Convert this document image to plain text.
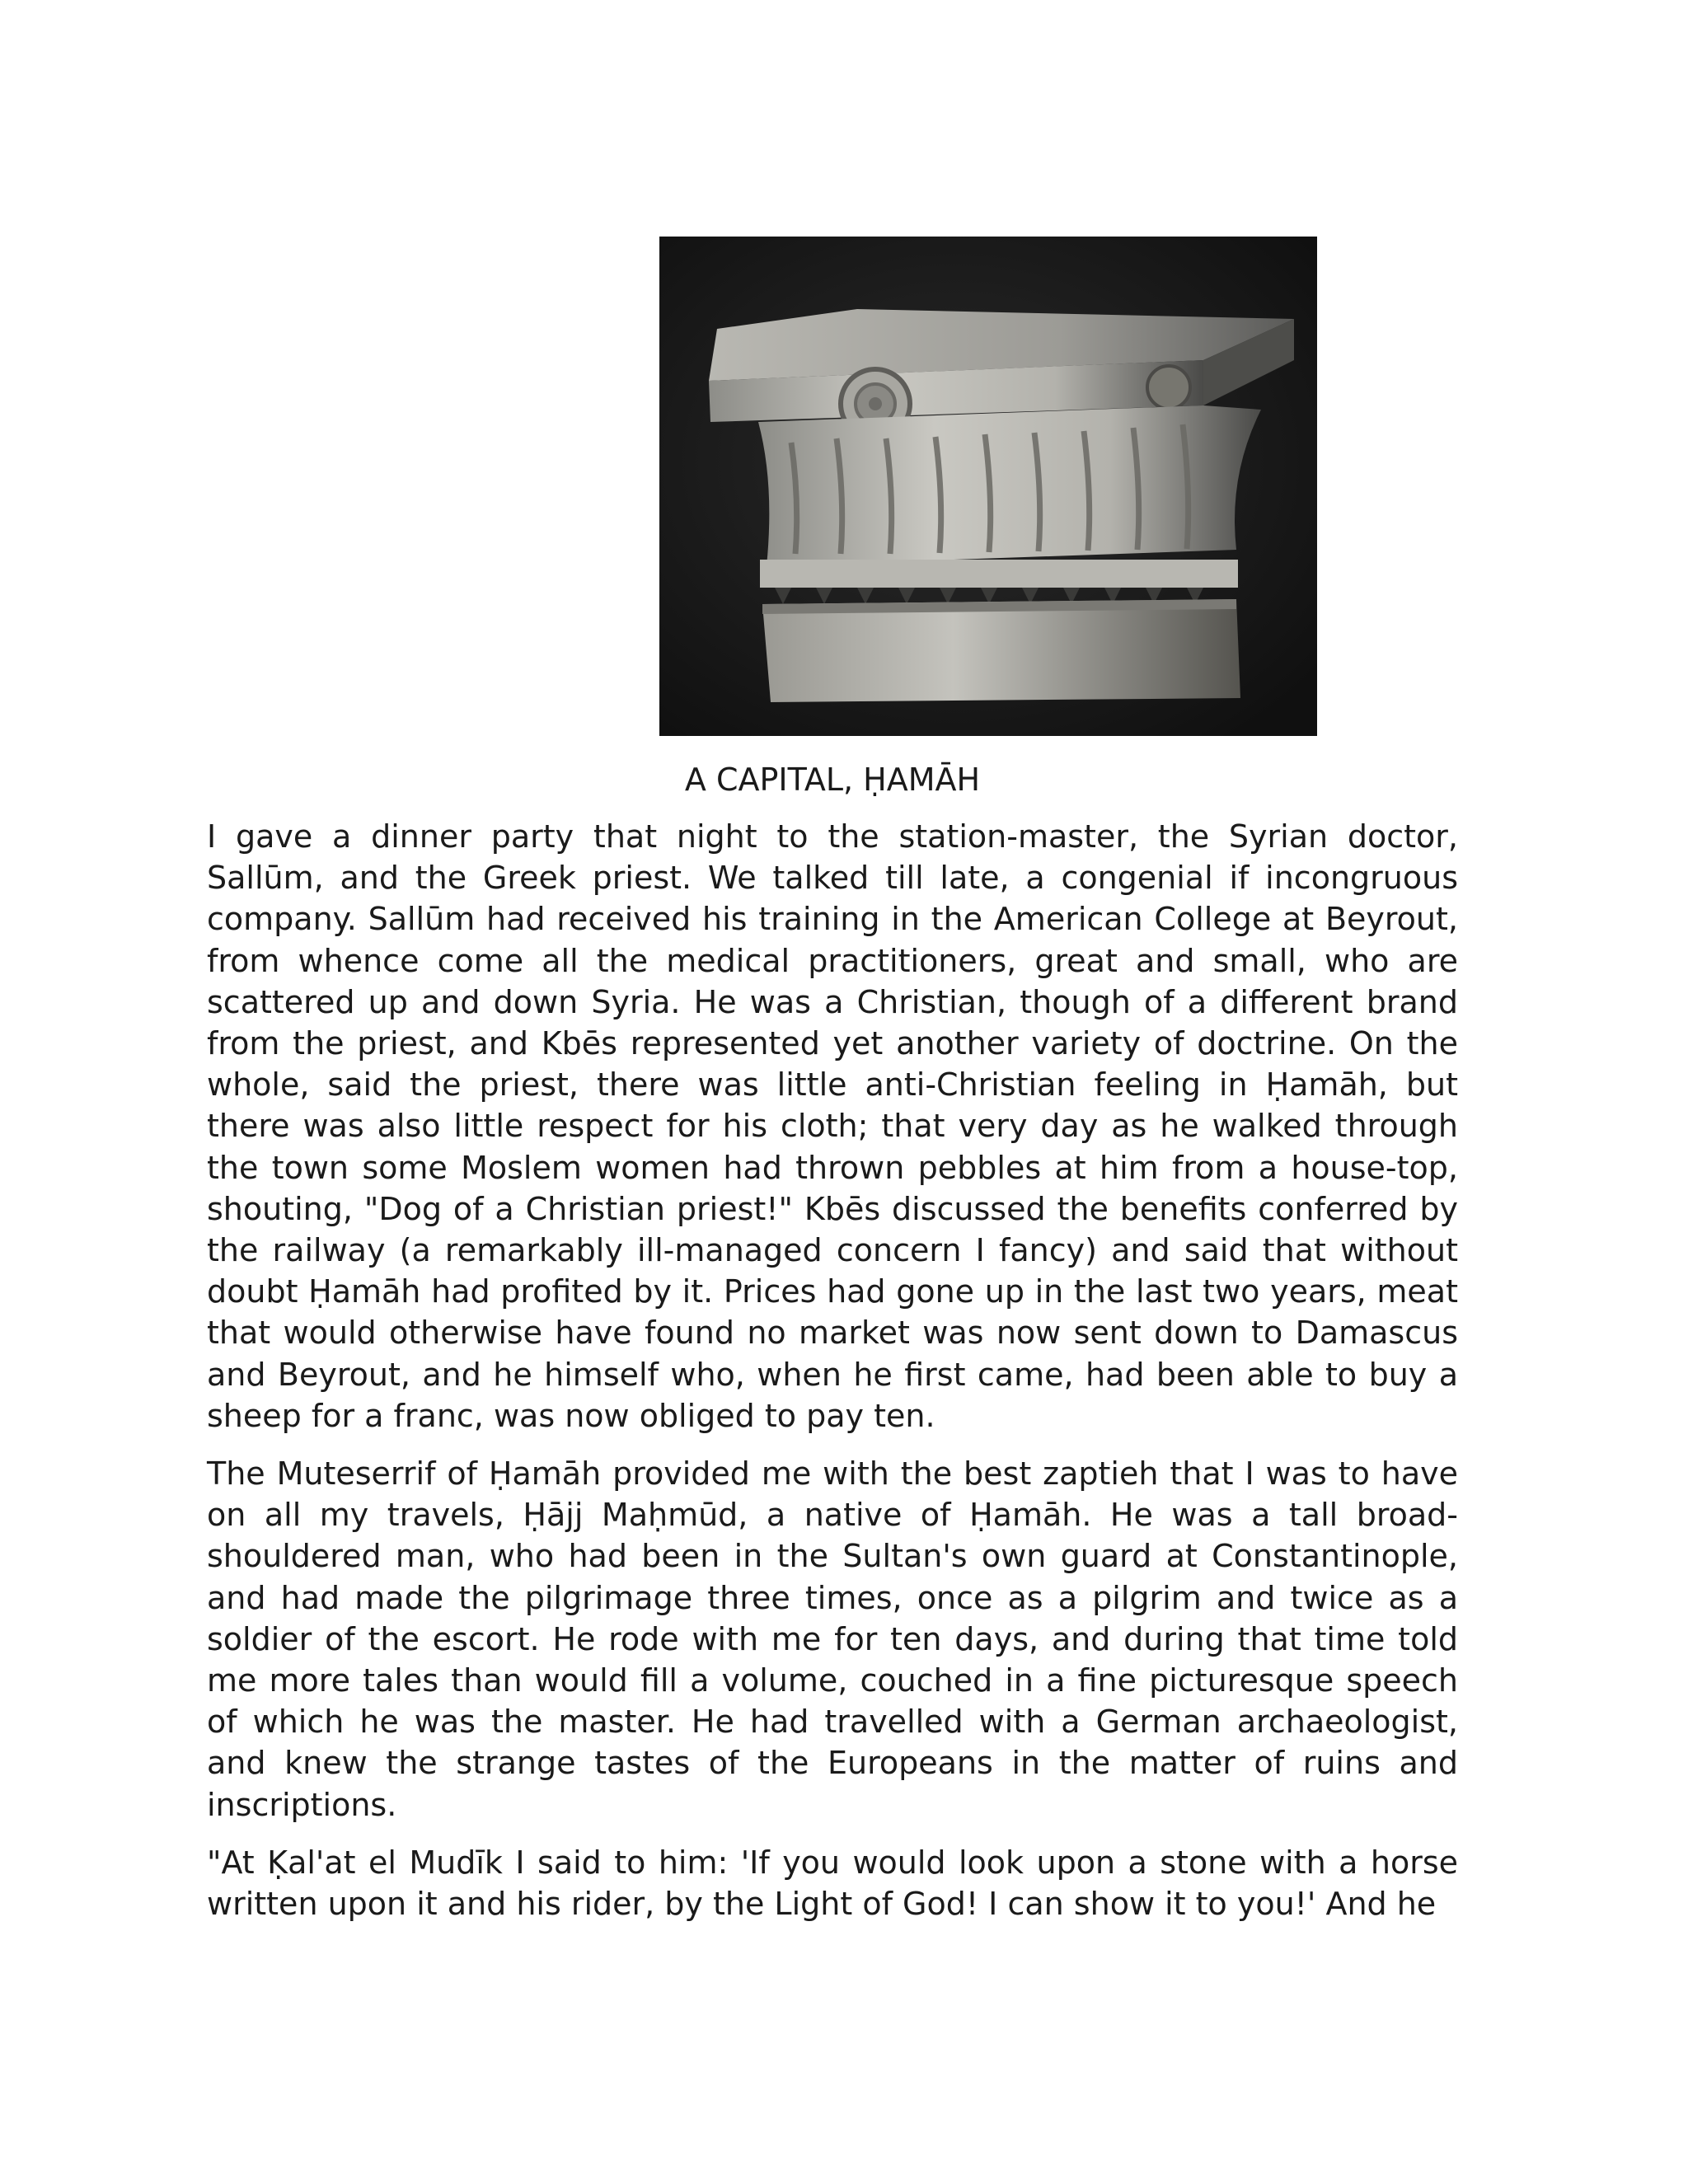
A CAPITAL, ḤAMĀH

I gave a dinner party that night to the station-master, the Syrian doctor, Sallūm, and the Greek priest. We talked till late, a congenial if incongruous company. Sallūm had received his training in the American College at Beyrout, from whence come all the medical practitioners, great and small, who are scattered up and down Syria. He was a Christian, though of a different brand from the priest, and Kbēs represented yet another variety of doctrine. On the whole, said the priest, there was little anti-Christian feeling in Ḥamāh, but there was also little respect for his cloth; that very day as he walked through the town some Moslem women had thrown pebbles at him from a house-top, shouting, "Dog of a Christian priest!" Kbēs discussed the benefits conferred by the railway (a remarkably ill-managed concern I fancy) and said that without doubt Ḥamāh had profited by it. Prices had gone up in the last two years, meat that would otherwise have found no market was now sent down to Damascus and Beyrout, and he himself who, when he first came, had been able to buy a sheep for a franc, was now obliged to pay ten.

The Muteserrif of Ḥamāh provided me with the best zaptieh that I was to have on all my travels, Ḥājj Maḥmūd, a native of Ḥamāh. He was a tall broad-shouldered man, who had been in the Sultan's own guard at Constantinople, and had made the pilgrimage three times, once as a pilgrim and twice as a soldier of the escort. He rode with me for ten days, and during that time told me more tales than would fill a volume, couched in a fine picturesque speech of which he was the master. He had travelled with a German archaeologist, and knew the strange tastes of the Europeans in the matter of ruins and inscriptions.

"At Ḳal'at el Mudīk I said to him: 'If you would look upon a stone with a horse written upon it and his rider, by the Light of God! I can show it to you!' And he
